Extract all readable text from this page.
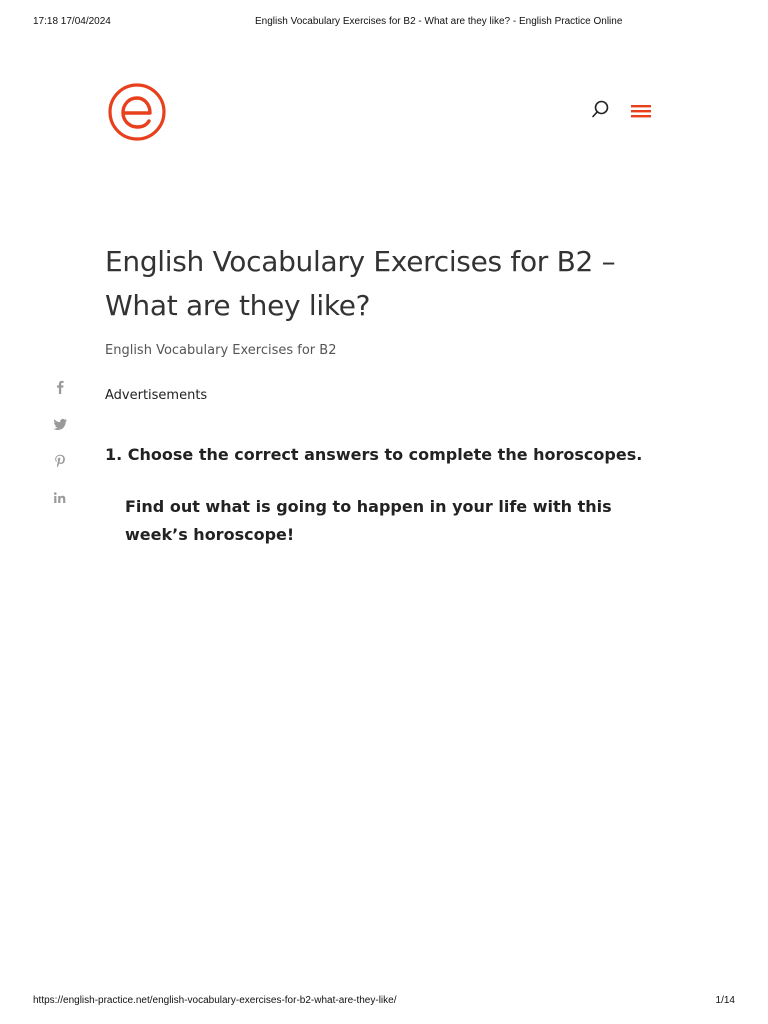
17:18 17/04/2024	English Vocabulary Exercises for B2 - What are they like? - English Practice Online
English Vocabulary Exercises for B2 – What are they like?
English Vocabulary Exercises for B2
Advertisements
1. Choose the correct answers to complete the horoscopes.
Find out what is going to happen in your life with this week’s horoscope!
https://english-practice.net/english-vocabulary-exercises-for-b2-what-are-they-like/	1/14
